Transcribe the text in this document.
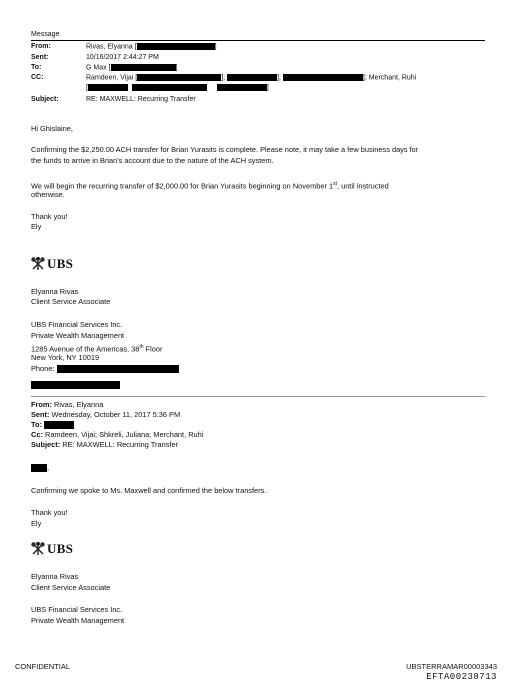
Message
From:	Rivas, Elyanna [	]
Sent:	10/16/2017 2:44:27 PM
To:	G Max [	]
CC:	Ramdeen, Vijai [	];	];	]; Merchant, Ruhi
]
Subject:	RE: MAXWELL: Recurring Transfer
Hi Ghislaine,
Confirming the $2,250.00 ACH transfer for Brian Yurasits is complete. Please note, it may take a few business days for
the funds to arrive in Brian's account due to the nature of the ACH system.
We will begin the recurring transfer of $2,000.00 for Brian Yurasits beginning on November 1st, until instructed
otherwise.
Thank you!
Ely
UBS
Elyanna Rivas
Client Service Associate
UBS Financial Services Inc.
Private Wealth Management
1285 Avenue of the Americas, 38th Floor
New York, NY 10019
Phone:
From: Rivas, Elyanna
Sent: Wednesday, October 11, 2017 5:36 PM
To:
Cc: Ramdeen, Vijai; Shkreli, Juliana; Merchant, Ruhi
Subject: RE: MAXWELL: Recurring Transfer
,
Confirming we spoke to Ms. Maxwell and confirmed the below transfers.
Thank you!
Ely
UBS
Elyanna Rivas
Client Service Associate
UBS Financial Services Inc.
Private Wealth Management
CONFIDENTIAL	UBSTERRAMAR00003343
EFTA00238713
